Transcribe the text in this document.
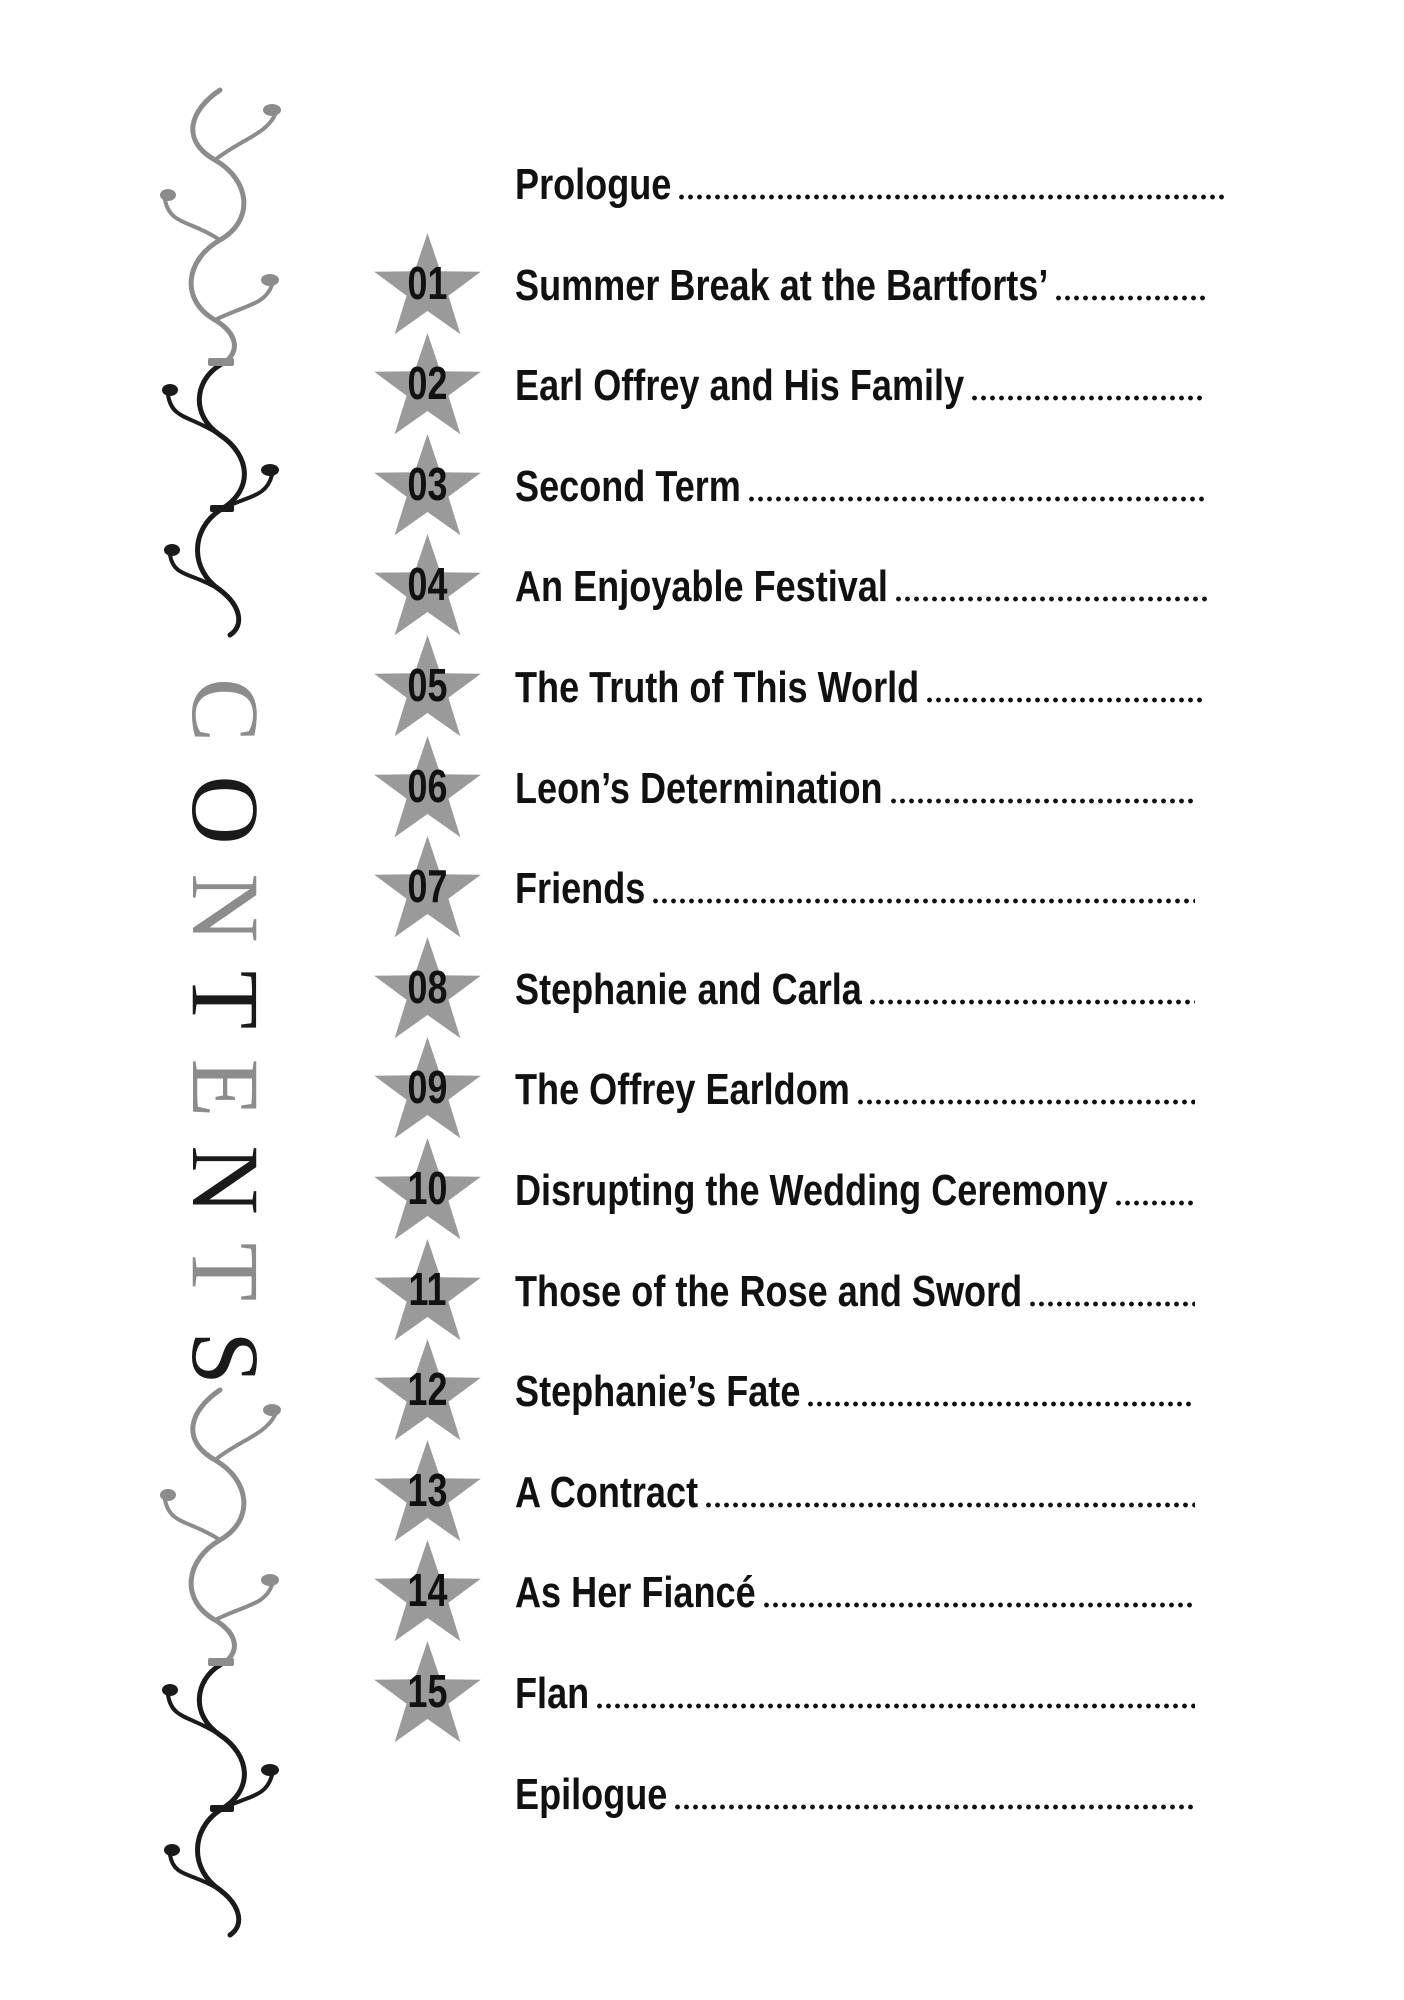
C
O
N
T
E
N
T
S
Prologue
01	Summer Break at the Bartforts’
02	Earl Offrey and His Family
03	Second Term
04	An Enjoyable Festival
05	The Truth of This World
06	Leon’s Determination
07	Friends
08	Stephanie and Carla
09	The Offrey Earldom
10	Disrupting the Wedding Ceremony
11	Those of the Rose and Sword
12	Stephanie’s Fate
13	A Contract
14	As Her Fiancé
15	Flan
Epilogue
